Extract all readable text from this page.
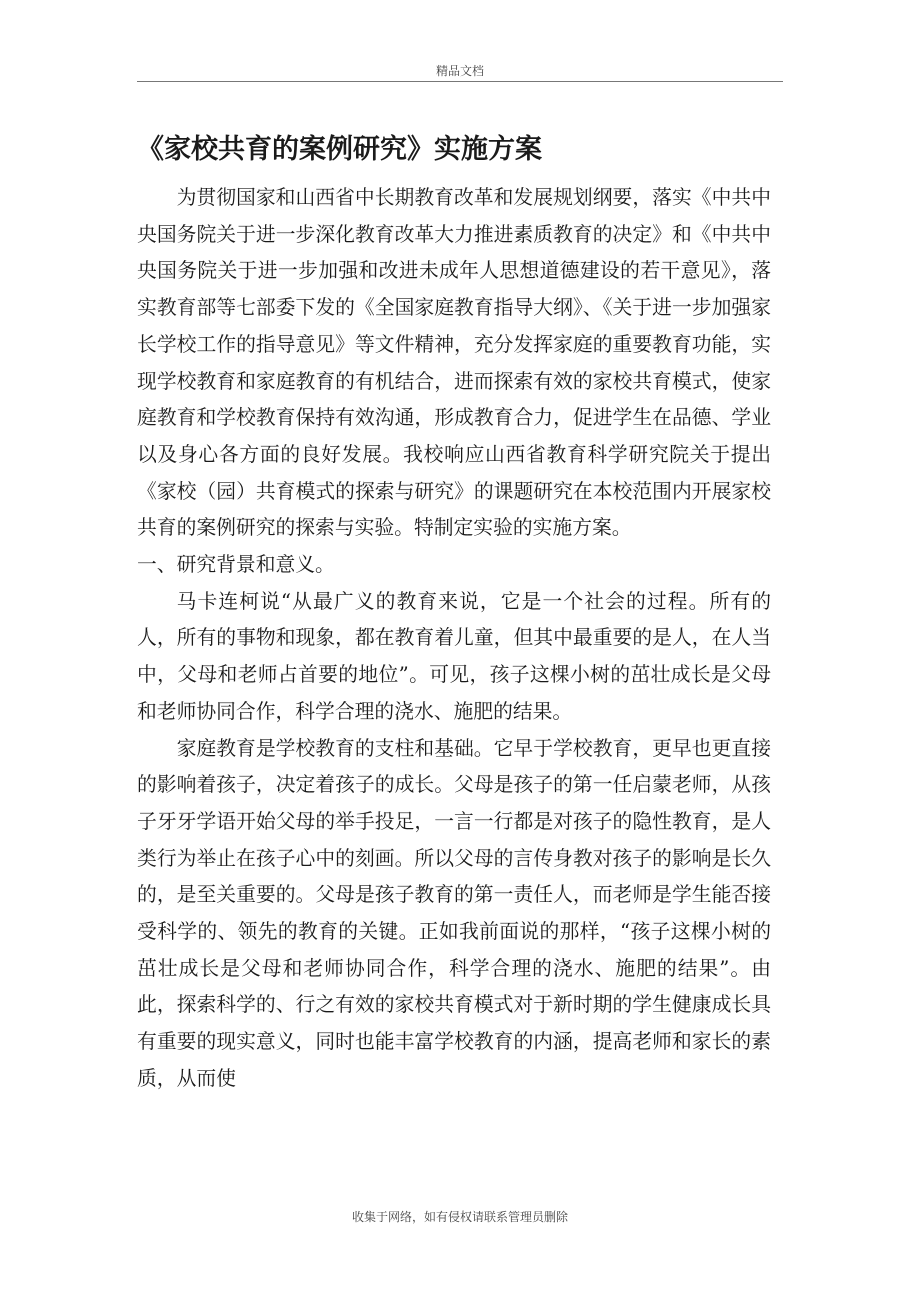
精品文档
《家校共育的案例研究》实施方案

为贯彻国家和山西省中长期教育改革和发展规划纲要，落实《中共中央国务院关于进一步深化教育改革大力推进素质教育的决定》和《中共中央国务院关于进一步加强和改进未成年人思想道德建设的若干意见》，落实教育部等七部委下发的《全国家庭教育指导大纲》、《关于进一步加强家长学校工作的指导意见》等文件精神，充分发挥家庭的重要教育功能，实现学校教育和家庭教育的有机结合，进而探索有效的家校共育模式，使家庭教育和学校教育保持有效沟通，形成教育合力，促进学生在品德、学业以及身心各方面的良好发展。我校响应山西省教育科学研究院关于提出《家校（园）共育模式的探索与研究》的课题研究在本校范围内开展家校共育的案例研究的探索与实验。特制定实验的实施方案。

一、研究背景和意义。

马卡连柯说“从最广义的教育来说，它是一个社会的过程。所有的人，所有的事物和现象，都在教育着儿童，但其中最重要的是人，在人当中，父母和老师占首要的地位”。可见，孩子这棵小树的茁壮成长是父母和老师协同合作，科学合理的浇水、施肥的结果。

家庭教育是学校教育的支柱和基础。它早于学校教育，更早也更直接的影响着孩子，决定着孩子的成长。父母是孩子的第一任启蒙老师，从孩子牙牙学语开始父母的举手投足，一言一行都是对孩子的隐性教育，是人类行为举止在孩子心中的刻画。所以父母的言传身教对孩子的影响是长久的，是至关重要的。父母是孩子教育的第一责任人，而老师是学生能否接受科学的、领先的教育的关键。正如我前面说的那样，“孩子这棵小树的茁壮成长是父母和老师协同合作，科学合理的浇水、施肥的结果”。由此，探索科学的、行之有效的家校共育模式对于新时期的学生健康成长具有重要的现实意义，同时也能丰富学校教育的内涵，提高老师和家长的素质，从而使

收集于网络，如有侵权请联系管理员删除
